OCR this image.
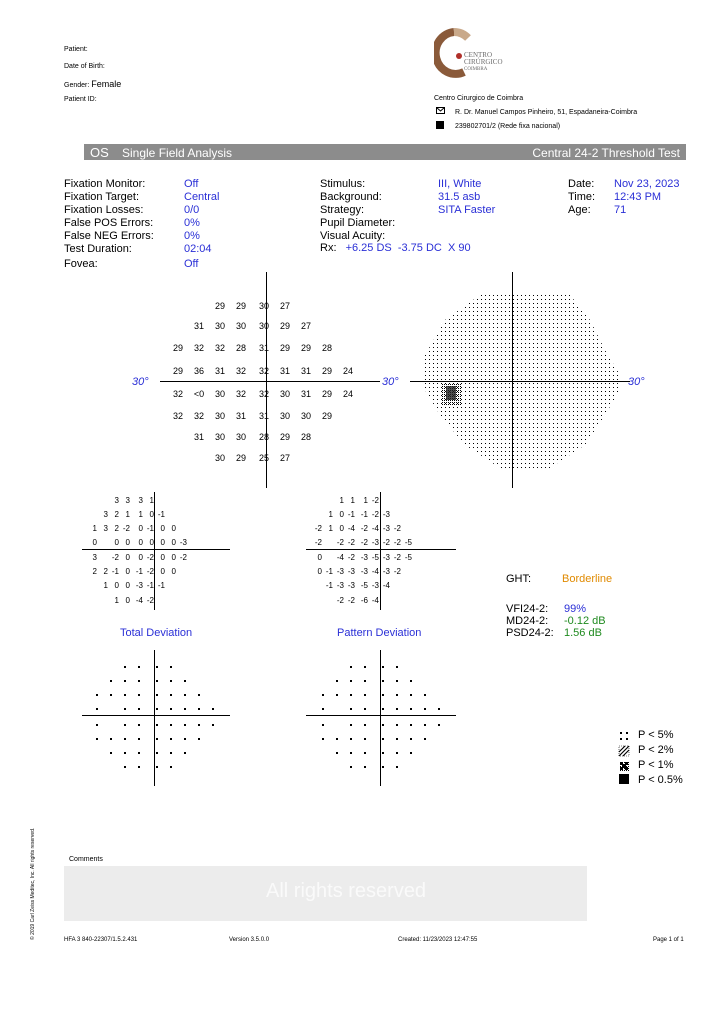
Patient:
Date of Birth:
Gender: Female
Patient ID:
CENTRO
CIRÚRGICO
COIMBRA
Centro Cirurgico de Coimbra
R. Dr. Manuel Campos Pinheiro, 51, Espadaneira-Coimbra
239802701/2 (Rede fixa nacional)
OS Single Field Analysis	Central 24-2 Threshold Test
Fixation Monitor:	Off
Fixation Target:	Central
Fixation Losses:	0/0
False POS Errors:	0%
False NEG Errors:	0%
Test Duration:	02:04
Fovea:	Off
Stimulus:	III, White
Background:	31.5 asb
Strategy:	SITA Faster
Pupil Diameter:
Visual Acuity:
Rx: +6.25 DS  -3.75 DC  X 90
Date: Nov 23, 2023
Time: 12:43 PM
Age: 71
30°	30°
29	29	30	27
31	30	30	30	29	27
29	32	32	28	31	29	29	28
29	36	31	32	32	31	31	29	24
32	<0	30	32	32	30	31	29	24
32	32	30	31	31	30	30	29
31	30	30	28	29	28
30	29	25	27
30°
3 3	3 1
3 2 1	1 0 -1
1 3 2 -2	0 -1 0 0
0	0 0	0 0 0 0 -3
3	-2 0	0 -2 0 0 -2
2 2 -1 0 -1 -2 0 0
1 0 0 -3 -1 -1
1 0 -4 -2
Total Deviation
1 1	1 -2
1 0 -1 -1 -2 -3
-2 1 0 -4 -2 -4 -3 -2
-2	-2 -2 -2 -3 -2 -2 -5
0	-4 -2 -3 -5 -3 -2 -5
0 -1 -3 -3 -3 -4 -3 -2
-1 -3 -3 -5 -3 -4
-2 -2 -6 -4
Pattern Deviation
GHT:	Borderline
VFI24-2: 99%
MD24-2: -0.12 dB
PSD24-2: 1.56 dB
P < 5%
P < 2%
P < 1%
P < 0.5%
© 2019 Carl Zeiss Meditec, Inc. All rights reserved.	Comments
All rights reserved
HFA 3 840-22307/1.5.2.431	Version 3.5.0.0	Created: 11/23/2023 12:47:55	Page 1 of 1
